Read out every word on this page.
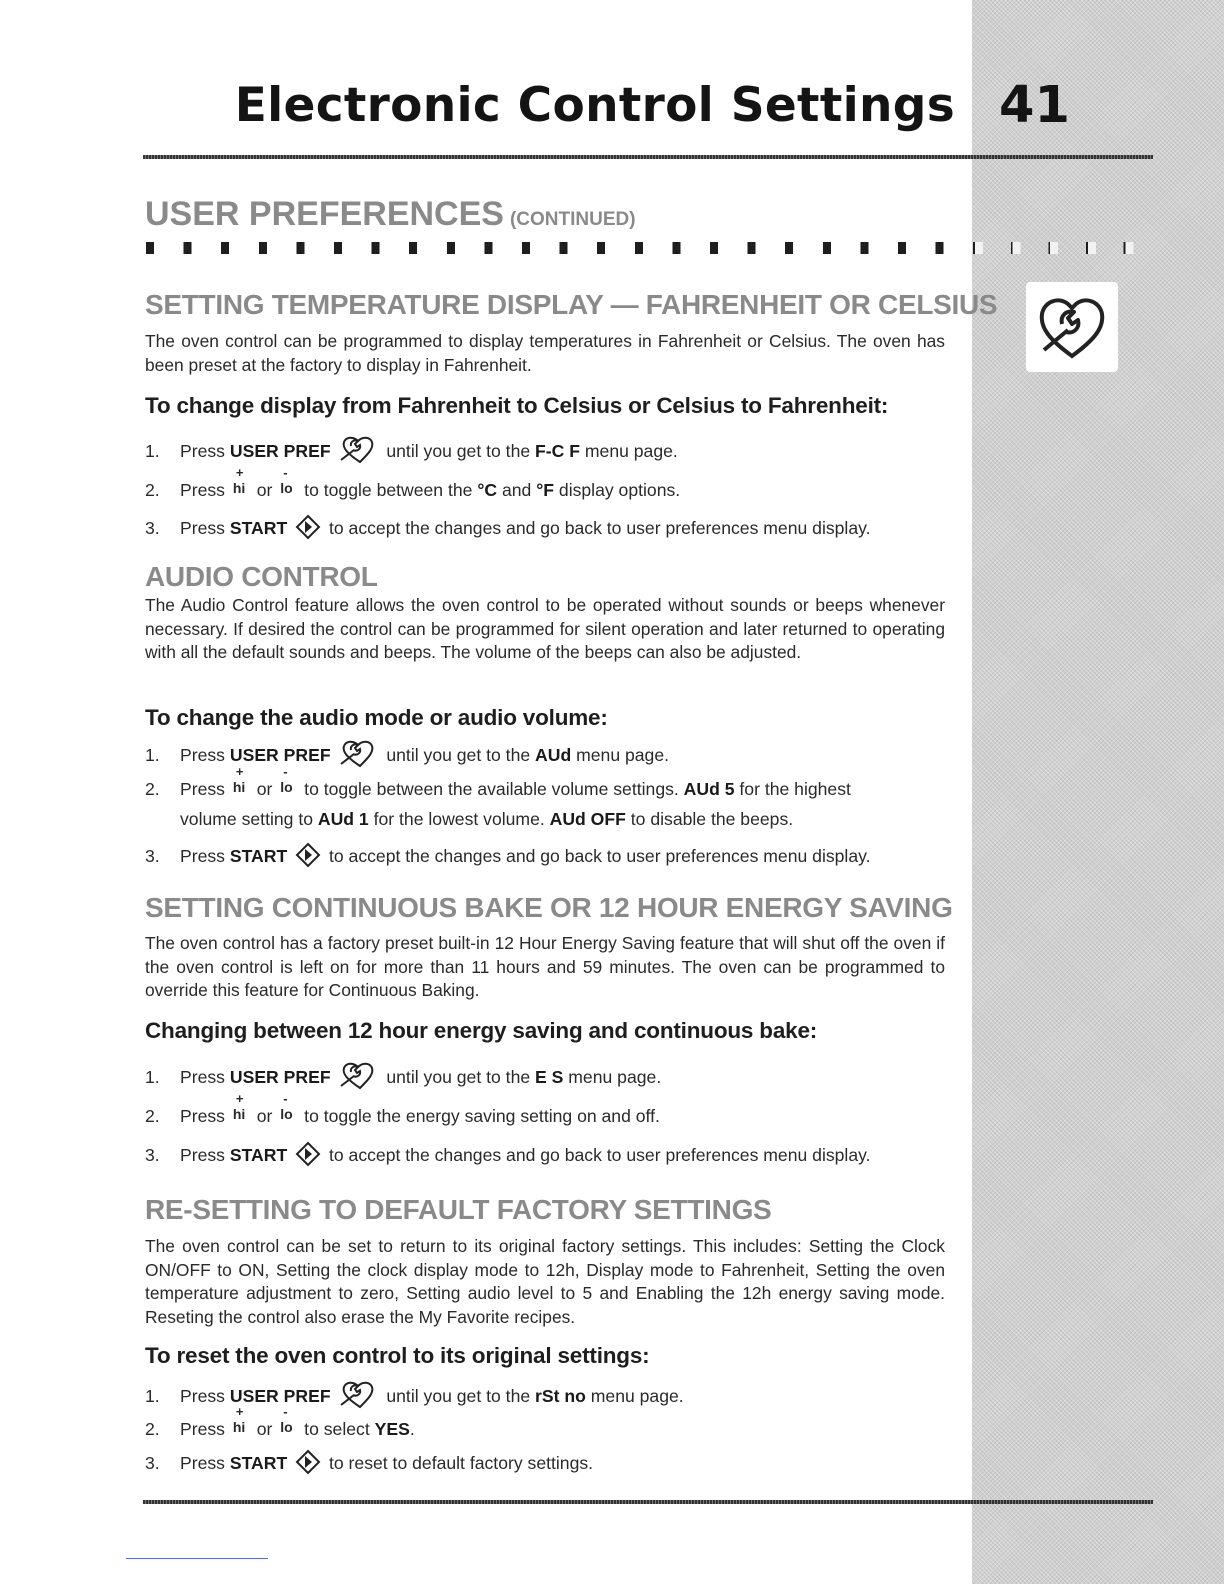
Electronic Control Settings 41
USER PREFERENCES (CONTINUED)
SETTING TEMPERATURE DISPLAY — FAHRENHEIT OR CELSIUS
The oven control can be programmed to display temperatures in Fahrenheit or Celsius. The oven has been preset at the factory to display in Fahrenheit.
To change display from Fahrenheit to Celsius or Celsius to Fahrenheit:
1. Press USER PREF	until you get to the F-C F menu page.
2. Press
+
hi or
-
lo to toggle between the °C and °F display options.
3. Press START  to accept the changes and go back to user preferences menu display.
AUDIO CONTROL
The Audio Control feature allows the oven control to be operated without sounds or beeps whenever necessary. If desired the control can be programmed for silent operation and later returned to operating with all the default sounds and beeps. The volume of the beeps can also be adjusted.
To change the audio mode or audio volume:
1. Press USER PREF	until you get to the AUd menu page.
2. Press
+
hi or
-
lo to toggle between the available volume settings. AUd 5 for the highest
volume setting to AUd 1 for the lowest volume. AUd OFF to disable the beeps.
3. Press START  to accept the changes and go back to user preferences menu display.
SETTING CONTINUOUS BAKE OR 12 HOUR ENERGY SAVING
The oven control has a factory preset built-in 12 Hour Energy Saving feature that will shut off the oven if the oven control is left on for more than 11 hours and 59 minutes. The oven can be programmed to override this feature for Continuous Baking.
Changing between 12 hour energy saving and continuous bake:
1. Press USER PREF	until you get to the E S menu page.
2. Press
+
hi or
-
lo to toggle the energy saving setting on and off.
3. Press START  to accept the changes and go back to user preferences menu display.
RE-SETTING TO DEFAULT FACTORY SETTINGS
The oven control can be set to return to its original factory settings. This includes: Setting the Clock ON/OFF to ON, Setting the clock display mode to 12h, Display mode to Fahrenheit, Setting the oven temperature adjustment to zero, Setting audio level to 5 and Enabling the 12h energy saving mode. Reseting the control also erase the My Favorite recipes.
To reset the oven control to its original settings:
1. Press USER PREF	until you get to the rSt no menu page.
2. Press
+
hi or
-
lo to select YES.
3. Press START  to reset to default factory settings.
